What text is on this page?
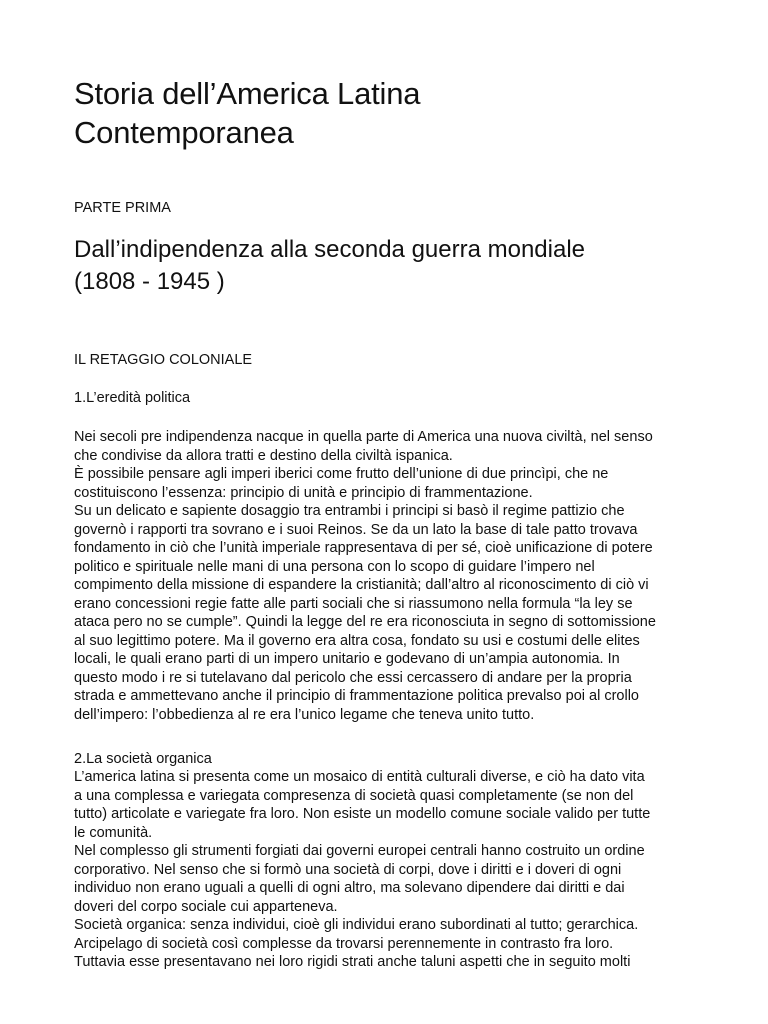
Storia dell’America Latina
Contemporanea

PARTE PRIMA

Dall’indipendenza alla seconda guerra mondiale
(1808 - 1945 )

IL RETAGGIO COLONIALE

1.L’eredità politica

Nei secoli pre indipendenza nacque in quella parte di America una nuova civiltà, nel senso
che condivise da allora tratti e destino della civiltà ispanica.
È possibile pensare agli imperi iberici come frutto dell’unione di due princìpi, che ne
costituiscono l’essenza: principio di unità e principio di frammentazione.
Su un delicato e sapiente dosaggio tra entrambi i principi si basò il regime pattizio che
governò i rapporti tra sovrano e i suoi Reinos. Se da un lato la base di tale patto trovava
fondamento in ciò che l’unità imperiale rappresentava di per sé, cioè unificazione di potere
politico e spirituale nelle mani di una persona con lo scopo di guidare l’impero nel
compimento della missione di espandere la cristianità; dall’altro al riconoscimento di ciò vi
erano concessioni regie fatte alle parti sociali che si riassumono nella formula “la ley se
ataca pero no se cumple”. Quindi la legge del re era riconosciuta in segno di sottomissione
al suo legittimo potere. Ma il governo era altra cosa, fondato su usi e costumi delle elites
locali, le quali erano parti di un impero unitario e godevano di un’ampia autonomia. In
questo modo i re si tutelavano dal pericolo che essi cercassero di andare per la propria
strada e ammettevano anche il principio di frammentazione politica prevalso poi al crollo
dell’impero: l’obbedienza al re era l’unico legame che teneva unito tutto.

2.La società organica

L’america latina si presenta come un mosaico di entità culturali diverse, e ciò ha dato vita
a una complessa e variegata compresenza di società quasi completamente (se non del
tutto) articolate e variegate fra loro. Non esiste un modello comune sociale valido per tutte
le comunità.
Nel complesso gli strumenti forgiati dai governi europei centrali hanno costruito un ordine
corporativo. Nel senso che si formò una società di corpi, dove i diritti e i doveri di ogni
individuo non erano uguali a quelli di ogni altro, ma solevano dipendere dai diritti e dai
doveri del corpo sociale cui apparteneva.
Società organica: senza individui, cioè gli individui erano subordinati al tutto; gerarchica.
Arcipelago di società così complesse da trovarsi perennemente in contrasto fra loro.
Tuttavia esse presentavano nei loro rigidi strati anche taluni aspetti che in seguito molti
